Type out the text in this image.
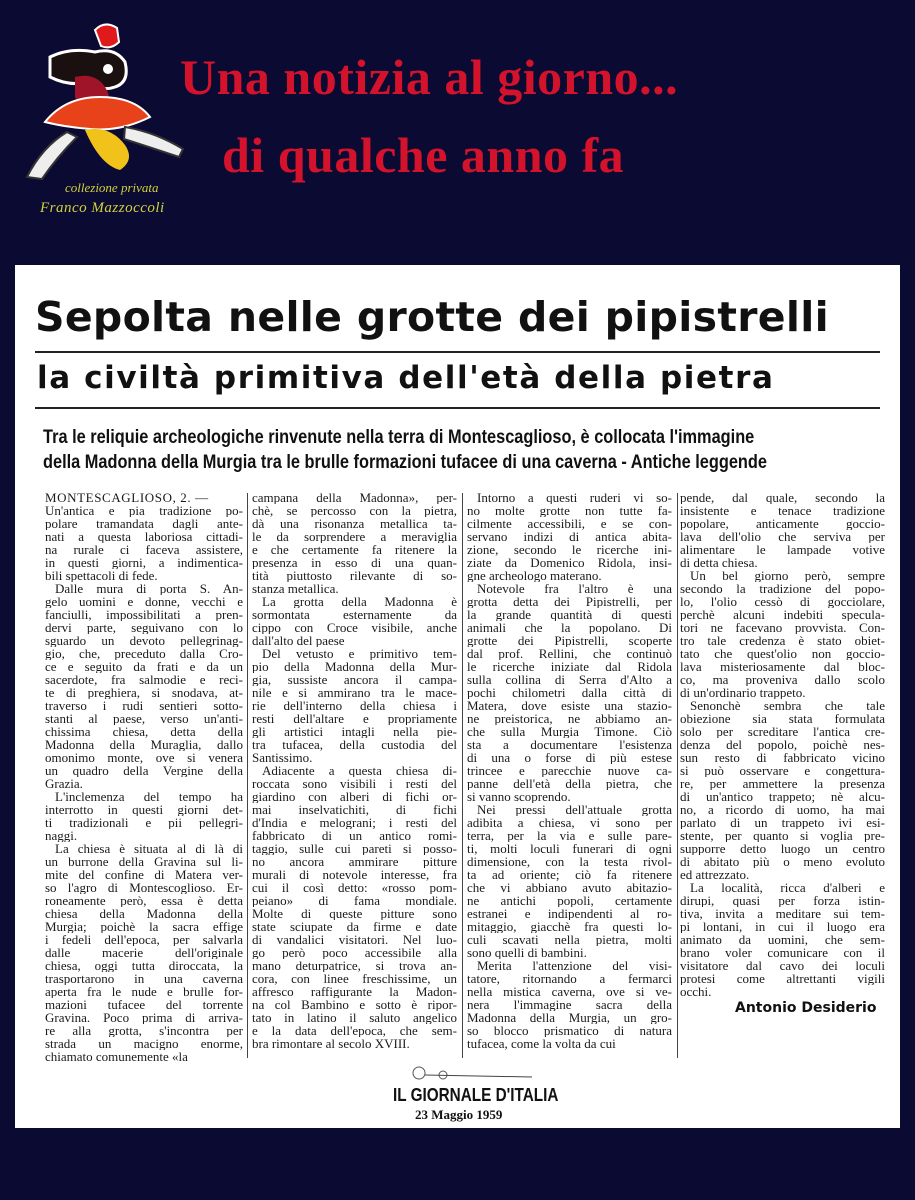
collezione privata
Franco Mazzoccoli
Una notizia al giorno...
di qualche anno fa
Sepolta nelle grotte dei pipistrelli
la civiltà primitiva dell'età della pietra
Tra le reliquie archeologiche rinvenute nella terra di Montescaglioso, è collocata l'immagine
della Madonna della Murgia tra le brulle formazioni tufacee di una caverna - Antiche leggende
MONTESCAGLIOSO, 2. —
Un'antica e pia tradizione po-
polare tramandata dagli ante-
nati a questa laboriosa cittadi-
na rurale ci faceva assistere,
in questi giorni, a indimentica-
bili spettacoli di fede.
Dalle mura di porta S. An-
gelo uomini e donne, vecchi e
fanciulli, impossibilitati a pren-
dervi parte, seguivano con lo
sguardo un devoto pellegrinag-
gio, che, preceduto dalla Cro-
ce e seguito da frati e da un
sacerdote, fra salmodie e reci-
te di preghiera, si snodava, at-
traverso i rudi sentieri sotto-
stanti al paese, verso un'anti-
chissima chiesa, detta della
Madonna della Muraglia, dallo
omonimo monte, ove si venera
un quadro della Vergine della
Grazia.
L'inclemenza del tempo ha
interrotto in questi giorni det-
ti tradizionali e pii pellegri-
naggi.
La chiesa è situata al di là di
un burrone della Gravina sul li-
mite del confine di Matera ver-
so l'agro di Montescoglioso. Er-
roneamente però, essa è detta
chiesa della Madonna della
Murgia; poichè la sacra effige
i fedeli dell'epoca, per salvarla
dalle macerie dell'originale
chiesa, oggi tutta diroccata, la
trasportarono in una caverna
aperta fra le nude e brulle for-
mazioni tufacee del torrente
Gravina. Poco prima di arriva-
re alla grotta, s'incontra per
strada un macigno enorme,
chiamato comunemente «la
campana della Madonna», per-
chè, se percosso con la pietra,
dà una risonanza metallica ta-
le da sorprendere a meraviglia
e che certamente fa ritenere la
presenza in esso di una quan-
tità piuttosto rilevante di so-
stanza metallica.
La grotta della Madonna è
sormontata esternamente da
cippo con Croce visibile, anche
dall'alto del paese
Del vetusto e primitivo tem-
pio della Madonna della Mur-
gia, sussiste ancora il campa-
nile e si ammirano tra le mace-
rie dell'interno della chiesa i
resti dell'altare e propriamente
gli artistici intagli nella pie-
tra tufacea, della custodia del
Santissimo.
Adiacente a questa chiesa di-
roccata sono visibili i resti del
giardino con alberi di fichi or-
mai inselvatichiti, di fichi
d'India e melograni; i resti del
fabbricato di un antico romi-
taggio, sulle cui pareti si posso-
no ancora ammirare pitture
murali di notevole interesse, fra
cui il così detto: «rosso pom-
peiano» di fama mondiale.
Molte di queste pitture sono
state sciupate da firme e date
di vandalici visitatori. Nel luo-
go però poco accessibile alla
mano deturpatrice, si trova an-
cora, con linee freschissime, un
affresco raffigurante la Madon-
na col Bambino e sotto è ripor-
tato in latino il saluto angelico
e la data dell'epoca, che sem-
bra rimontare al secolo XVIII.
Intorno a questi ruderi vi so-
no molte grotte non tutte fa-
cilmente accessibili, e se con-
servano indizi di antica abita-
zione, secondo le ricerche ini-
ziate da Domenico Ridola, insi-
gne archeologo materano.
Notevole fra l'altro è una
grotta detta dei Pipistrelli, per
la grande quantità di questi
animali che la popolano. Di
grotte dei Pipistrelli, scoperte
dal prof. Rellini, che continuò
le ricerche iniziate dal Ridola
sulla collina di Serra d'Alto a
pochi chilometri dalla città di
Matera, dove esiste una stazio-
ne preistorica, ne abbiamo an-
che sulla Murgia Timone. Ciò
sta a documentare l'esistenza
di una o forse di più estese
trincee e parecchie nuove ca-
panne dell'età della pietra, che
si vanno scoprendo.
Nei pressi dell'attuale grotta
adibita a chiesa, vi sono per
terra, per la via e sulle pare-
ti, molti loculi funerari di ogni
dimensione, con la testa rivol-
ta ad oriente; ciò fa ritenere
che vi abbiano avuto abitazio-
ne antichi popoli, certamente
estranei e indipendenti al ro-
mitaggio, giacchè fra questi lo-
culi scavati nella pietra, molti
sono quelli di bambini.
Merita l'attenzione del visi-
tatore, ritornando a fermarci
nella mistica caverna, ove si ve-
nera l'immagine sacra della
Madonna della Murgia, un gro-
so blocco prismatico di natura
tufacea, come la volta da cui
pende, dal quale, secondo la
insistente e tenace tradizione
popolare, anticamente goccio-
lava dell'olio che serviva per
alimentare le lampade votive
di detta chiesa.
Un bel giorno però, sempre
secondo la tradizione del popo-
lo, l'olio cessò di gocciolare,
perchè alcuni indebiti specula-
tori ne facevano provvista. Con-
tro tale credenza è stato obiet-
tato che quest'olio non goccio-
lava misteriosamente dal bloc-
co, ma proveniva dallo scolo
di un'ordinario trappeto.
Senonchè sembra che tale
obiezione sia stata formulata
solo per screditare l'antica cre-
denza del popolo, poichè nes-
sun resto di fabbricato vicino
si può osservare e congettura-
re, per ammettere la presenza
di un'antico trappeto; nè alcu-
no, a ricordo di uomo, ha mai
parlato di un trappeto ivi esi-
stente, per quanto si voglia pre-
supporre detto luogo un centro
di abitato più o meno evoluto
ed attrezzato.
La località, ricca d'alberi e
dirupi, quasi per forza istin-
tiva, invita a meditare sui tem-
pi lontani, in cui il luogo era
animato da uomini, che sem-
brano voler comunicare con il
visitatore dal cavo dei loculi
protesi come altrettanti vigili
occhi.
Antonio Desiderio
IL GIORNALE D'ITALIA
23 Maggio 1959
